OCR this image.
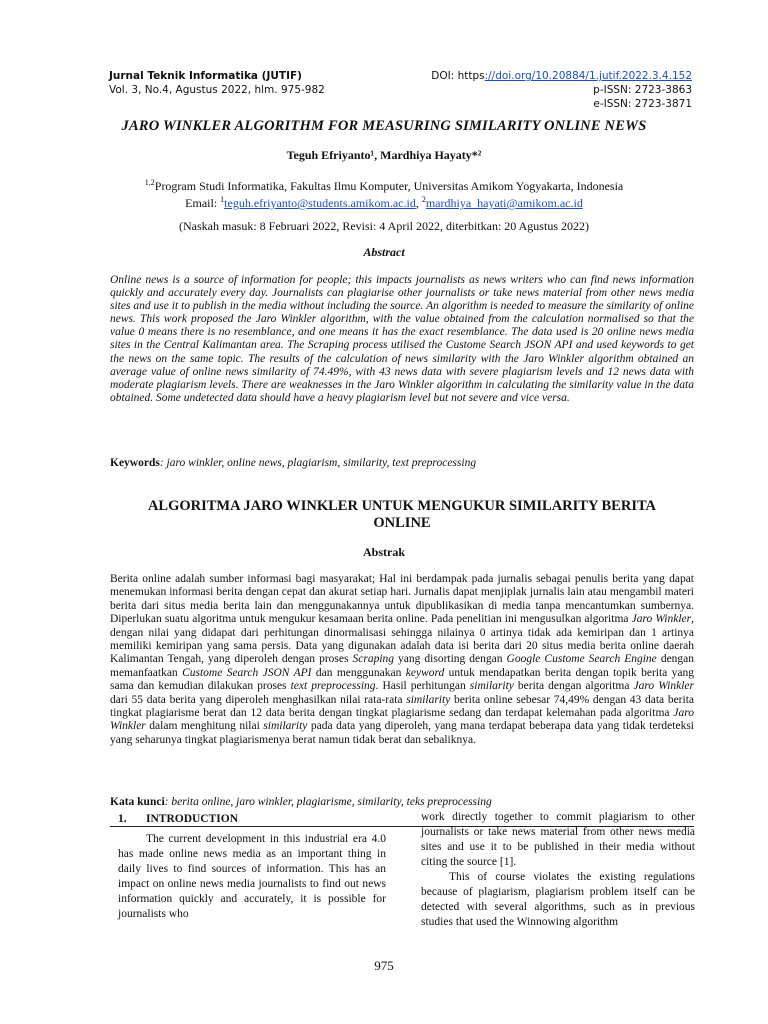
Jurnal Teknik Informatika (JUTIF)
Vol. 3, No.4, Agustus 2022, hlm. 975-982
DOI: https://doi.org/10.20884/1.jutif.2022.3.4.152
p-ISSN: 2723-3863
e-ISSN: 2723-3871
JARO WINKLER ALGORITHM FOR MEASURING SIMILARITY ONLINE NEWS
Teguh Efriyanto¹, Mardhiya Hayaty*²
$^{1,2}$Program Studi Informatika, Fakultas Ilmu Komputer, Universitas Amikom Yogyakarta, Indonesia
Email: $^1$teguh.efriyanto@students.amikom.ac.id, $^2$mardhiya_hayati@amikom.ac.id
(Naskah masuk: 8 Februari 2022, Revisi: 4 April 2022, diterbitkan: 20 Agustus 2022)
Abstract
Online news is a source of information for people; this impacts journalists as news writers who can find news information quickly and accurately every day. Journalists can plagiarise other journalists or take news material from other news media sites and use it to publish in the media without including the source. An algorithm is needed to measure the similarity of online news. This work proposed the Jaro Winkler algorithm, with the value obtained from the calculation normalised so that the value 0 means there is no resemblance, and one means it has the exact resemblance. The data used is 20 online news media sites in the Central Kalimantan area. The Scraping process utilised the Custome Search JSON API and used keywords to get the news on the same topic. The results of the calculation of news similarity with the Jaro Winkler algorithm obtained an average value of online news similarity of 74.49%, with 43 news data with severe plagiarism levels and 12 news data with moderate plagiarism levels. There are weaknesses in the Jaro Winkler algorithm in calculating the similarity value in the data obtained. Some undetected data should have a heavy plagiarism level but not severe and vice versa.
Keywords: jaro winkler, online news, plagiarism, similarity, text preprocessing
ALGORITMA JARO WINKLER UNTUK MENGUKUR SIMILARITY BERITA ONLINE
Abstrak
Berita online adalah sumber informasi bagi masyarakat; Hal ini berdampak pada jurnalis sebagai penulis berita yang dapat menemukan informasi berita dengan cepat dan akurat setiap hari. Jurnalis dapat menjiplak jurnalis lain atau mengambil materi berita dari situs media berita lain dan menggunakannya untuk dipublikasikan di media tanpa mencantumkan sumbernya. Diperlukan suatu algoritma untuk mengukur kesamaan berita online. Pada penelitian ini mengusulkan algoritma Jaro Winkler, dengan nilai yang didapat dari perhitungan dinormalisasi sehingga nilainya 0 artinya tidak ada kemiripan dan 1 artinya memiliki kemiripan yang sama persis. Data yang digunakan adalah data isi berita dari 20 situs media berita online daerah Kalimantan Tengah, yang diperoleh dengan proses Scraping yang disorting dengan Google Custome Search Engine dengan memanfaatkan Custome Search JSON API dan menggunakan keyword untuk mendapatkan berita dengan topik berita yang sama dan kemudian dilakukan proses text preprocessing. Hasil perhitungan similarity berita dengan algoritma Jaro Winkler dari 55 data berita yang diperoleh menghasilkan nilai rata-rata similarity berita online sebesar 74,49% dengan 43 data berita tingkat plagiarisme berat dan 12 data berita dengan tingkat plagiarisme sedang dan terdapat kelemahan pada algoritma Jaro Winkler dalam menghitung nilai similarity pada data yang diperoleh, yang mana terdapat beberapa data yang tidak terdeteksi yang seharunya tingkat plagiarismenya berat namun tidak berat dan sebaliknya.
Kata kunci: berita online, jaro winkler, plagiarisme, similarity, teks preprocessing
1. INTRODUCTION

The current development in this industrial era 4.0 has made online news media as an important thing in daily lives to find sources of information. This has an impact on online news media journalists to find out news information quickly and accurately, it is possible for journalists who

work directly together to commit plagiarism to other journalists or take news material from other news media sites and use it to be published in their media without citing the source [1].

This of course violates the existing regulations because of plagiarism, plagiarism problem itself can be detected with several algorithms, such as in previous studies that used the Winnowing algorithm

975
